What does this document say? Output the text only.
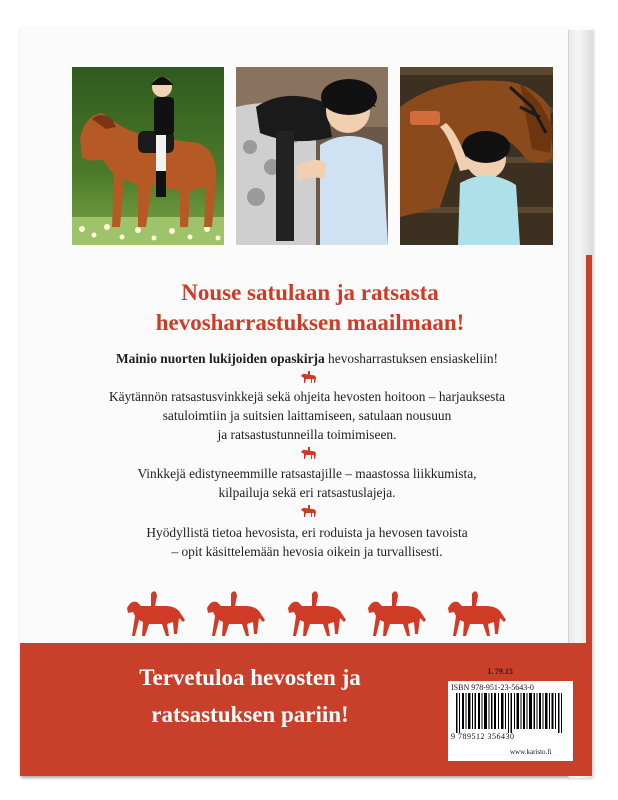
Nouse satulaan ja ratsasta
hevosharrastuksen maailmaan!
Mainio nuorten lukijoiden opaskirja hevosharrastuksen ensiaskeliin!
Käytännön ratsastusvinkkejä sekä ohjeita hevosten hoitoon – harjauksesta
satuloimtiin ja suitsien laittamiseen, satulaan nousuun
ja ratsastustunneilla toimimiseen.
Vinkkejä edistyneemmille ratsastajille – maastossa liikkumista,
kilpailuja sekä eri ratsastuslajeja.
Hyödyllistä tietoa hevosista, eri roduista ja hevosen tavoista
– opit käsittelemään hevosia oikein ja turvallisesti.
Tervetuloa hevosten ja
ratsastuksen pariin!
L 79.15
ISBN 978-951-23-5643-0
9 789512 356430
www.karisto.fi
